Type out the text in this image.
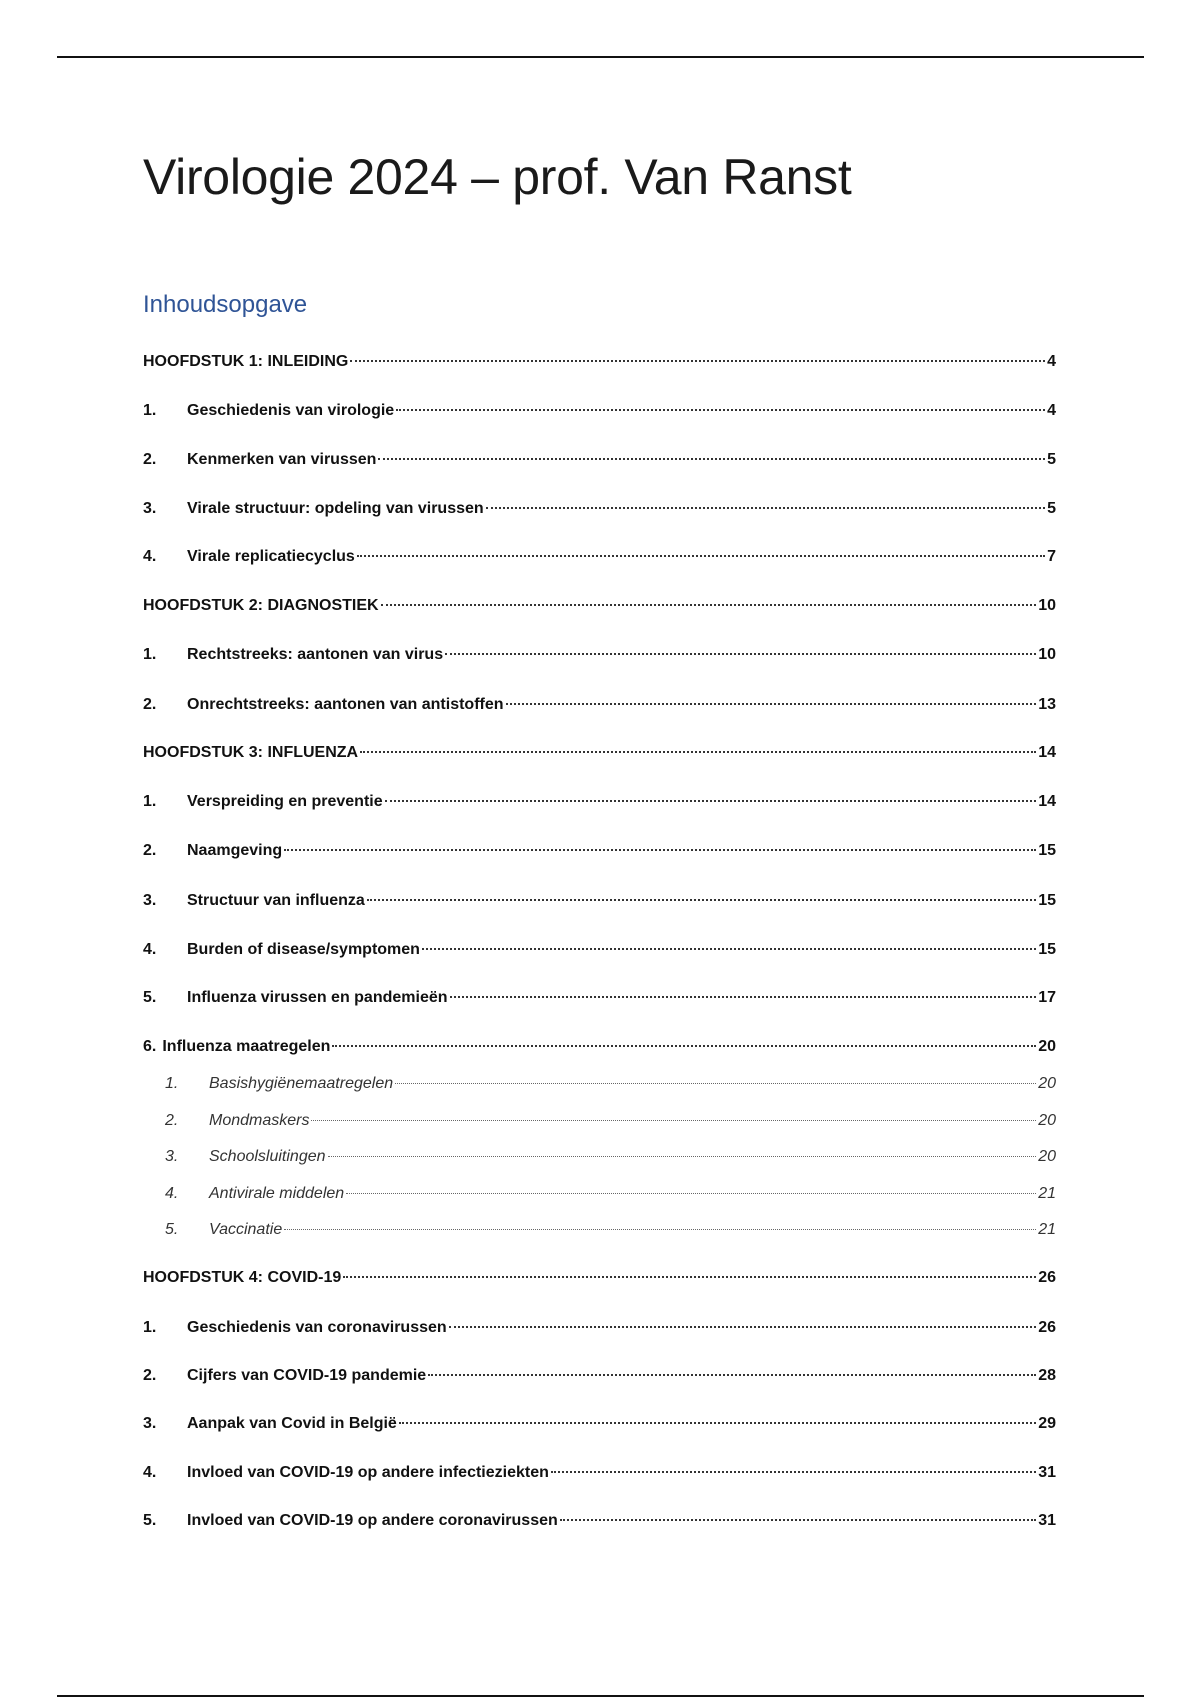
Virologie 2024 – prof. Van Ranst
Inhoudsopgave
HOOFDSTUK 1: INLEIDING	4
1.	Geschiedenis van virologie	4
2.	Kenmerken van virussen	5
3.	Virale structuur: opdeling van virussen	5
4.	Virale replicatiecyclus	7
HOOFDSTUK 2: DIAGNOSTIEK	10
1.	Rechtstreeks: aantonen van virus	10
2.	Onrechtstreeks: aantonen van antistoffen	13
HOOFDSTUK 3: INFLUENZA	14
1.	Verspreiding en preventie	14
2.	Naamgeving	15
3.	Structuur van influenza	15
4.	Burden of disease/symptomen	15
5.	Influenza virussen en pandemieën	17
6. Influenza maatregelen	20
1.	Basishygiënemaatregelen	20
2.	Mondmaskers	20
3.	Schoolsluitingen	20
4.	Antivirale middelen	21
5.	Vaccinatie	21
HOOFDSTUK 4: COVID-19	26
1.	Geschiedenis van coronavirussen	26
2.	Cijfers van COVID-19 pandemie	28
3.	Aanpak van Covid in België	29
4.	Invloed van COVID-19 op andere infectieziekten	31
5.	Invloed van COVID-19 op andere coronavirussen	31
